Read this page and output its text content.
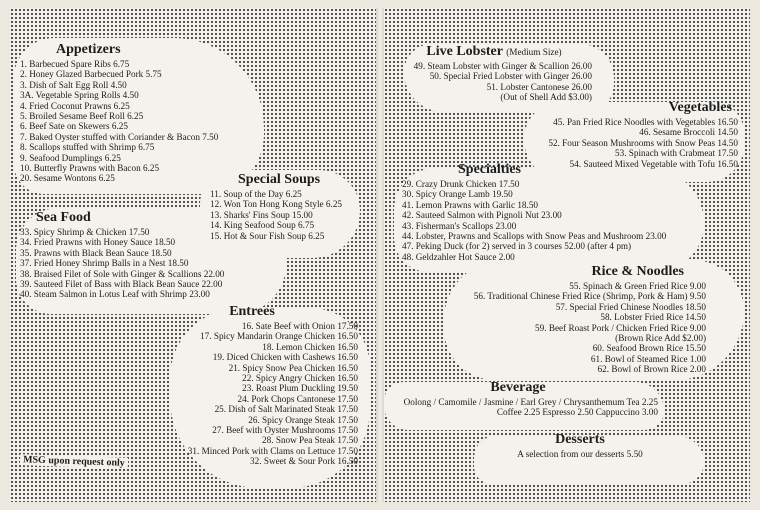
Appetizers
1. Barbecued Spare Ribs 6.75
2. Honey Glazed Barbecued Pork 5.75
3. Dish of Salt Egg Roll 4.50
3A. Vegetable Spring Rolls 4.50
4. Fried Coconut Prawns 6.25
5. Broiled Sesame Beef Roll 6.25
6. Beef Sate on Skewers 6.25
7. Baked Oyster stuffed with Coriander & Bacon 7.50
8. Scallops stuffed with Shrimp 6.75
9. Seafood Dumplings 6.25
10. Butterfly Prawns with Bacon 6.25
20. Sesame Wontons 6.25	Special Soups
11. Soup of the Day 6.25
12. Won Ton Hong Kong Style 6.25
13. Sharks' Fins Soup 15.00
14. King Seafood Soup 6.75
15. Hot & Sour Fish Soup 6.25
Sea Food
33. Spicy Shrimp & Chicken 17.50
34. Fried Prawns with Honey Sauce 18.50
35. Prawns with Black Bean Sauce 18.50
37. Fried Honey Shrimp Balls in a Nest 18.50
38. Braised Filet of Sole with Ginger & Scallions 22.00
39. Sauteed Filet of Bass with Black Bean Sauce 22.00
40. Steam Salmon in Lotus Leaf with Shrimp 23.00
Entrees
16. Sate Beef with Onion 17.50
17. Spicy Mandarin Orange Chicken 16.50
18. Lemon Chicken 16.50
19. Diced Chicken with Cashews 16.50
21. Spicy Snow Pea Chicken 16.50
22. Spicy Angry Chicken 16.50
23. Roast Plum Duckling 19.50
24. Pork Chops Cantonese 17.50
25. Dish of Salt Marinated Steak 17.50
26. Spicy Orange Steak 17.50
27. Beef with Oyster Mushrooms 17.50
28. Snow Pea Steak 17.50
31. Minced Pork with Clams on Lettuce 17.50
32. Sweet & Sour Pork 16.50
MSG upon request only
Live Lobster (Medium Size)
49. Steam Lobster with Ginger & Scallion 26.00
50. Special Fried Lobster with Ginger 26.00
51. Lobster Cantonese 26.00
(Out of Shell Add $3.00)
Vegetables
45. Pan Fried Rice Noodles with Vegetables 16.50
46. Sesame Broccoli 14.50
52. Four Season Mushrooms with Snow Peas 14.50
53. Spinach with Crabmeat 17.50
54. Sauteed Mixed Vegetable with Tofu 16.50
Specialties
29. Crazy Drunk Chicken 17.50
30. Spicy Orange Lamb 19.50
41. Lemon Prawns with Garlic 18.50
42. Sauteed Salmon with Pignoli Nut 23.00
43. Fisherman's Scallops 23.00
44. Lobster, Prawns and Scallops with Snow Peas and Mushroom 23.00
47. Peking Duck (for 2) served in 3 courses 52.00 (after 4 pm)
48. Geldzahler Hot Sauce 2.00
Rice & Noodles
55. Spinach & Green Fried Rice 9.00
56. Traditional Chinese Fried Rice (Shrimp, Pork & Ham) 9.50
57. Special Fried Chinese Noodles 18.50
58. Lobster Fried Rice 14.50
59. Beef Roast Pork / Chicken Fried Rice 9.00
(Brown Rice Add $2.00)
60. Seafood Brown Rice 15.50
61. Bowl of Steamed Rice 1.00
62. Bowl of Brown Rice 2.00
Beverage
Oolong / Camomile / Jasmine / Earl Grey / Chrysanthemum Tea 2.25
Coffee 2.25 Espresso 2.50 Cappuccino 3.00
Desserts
A selection from our desserts 5.50
